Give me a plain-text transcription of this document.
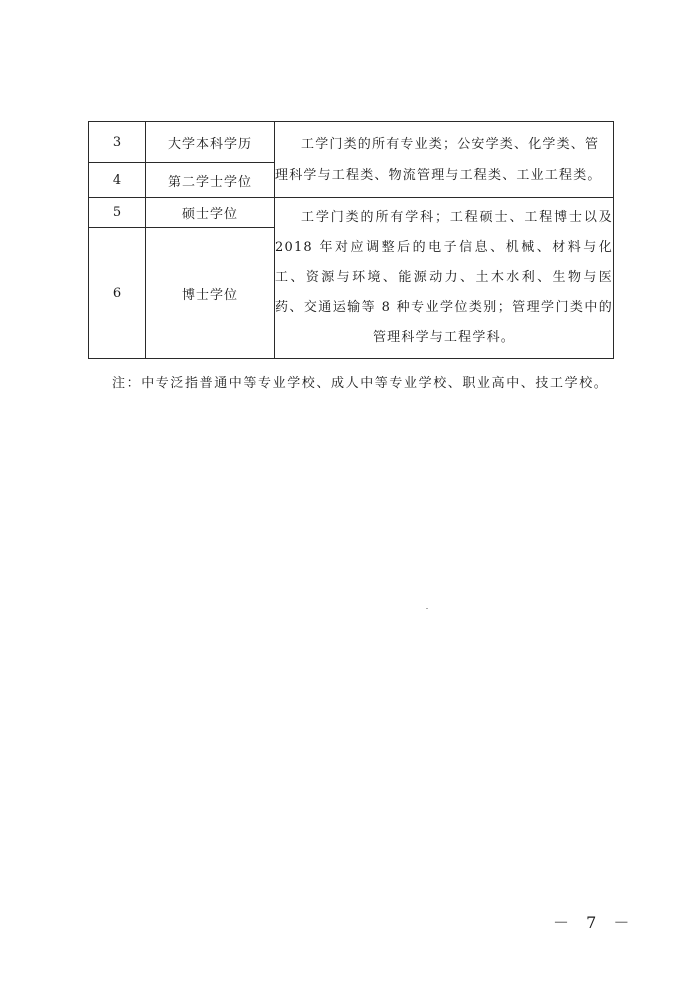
3	大学本科学历	工学门类的所有专业类；公安学类、化学类、管理科学与工程类、物流管理与工程类、工业工程类。
4	第二学士学位	
5	硕士学位	工学门类的所有学科；工程硕士、工程博士以及 2018 年对应调整后的电子信息、机械、材料与化工、资源与环境、能源动力、土木水利、生物与医药、交通运输等 8 种专业学位类别；管理学门类中的管理科学与工程学科。
6	博士学位	
注：中专泛指普通中等专业学校、成人中等专业学校、职业高中、技工学校。
－ 7 －
